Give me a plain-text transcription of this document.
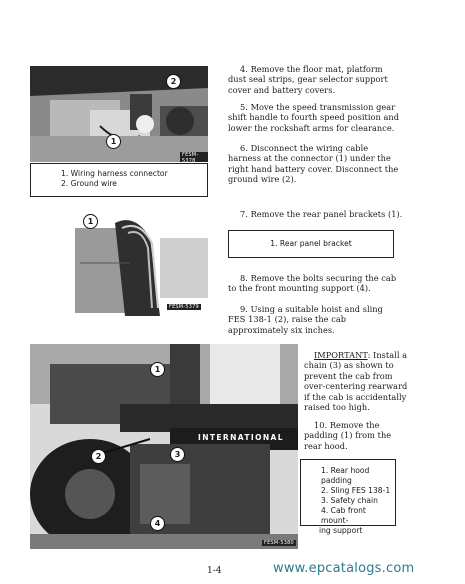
2
1
FESM-5378
1. Wiring harness connector
2. Ground wire
1
FESM-5379
INTERNATIONAL
1
2	3
4
FESM-5380
1. Rear hood padding
2. Sling FES 138-1
3. Safety chain
4. Cab front mount-
ing support
4. Remove the floor mat, platform dust seal strips, gear selector support cover and battery covers.
5. Move the speed transmission gear shift handle to fourth speed position and lower the rockshaft arms for clearance.
6. Disconnect the wiring cable harness at the connector (1) under the right hand battery cover. Disconnect the ground wire (2).
7. Remove the rear panel brackets (1).
1. Rear panel bracket
8. Remove the bolts securing the cab to the front mounting support (4).
9. Using a suitable hoist and sling FES 138-1 (2), raise the cab approximately six inches.
IMPORTANT: Install a chain (3) as shown to prevent the cab from over-centering rearward if the cab is accidentally raised too high.
10. Remove the padding (1) from the rear hood.
1-4	www.epcatalogs.com
